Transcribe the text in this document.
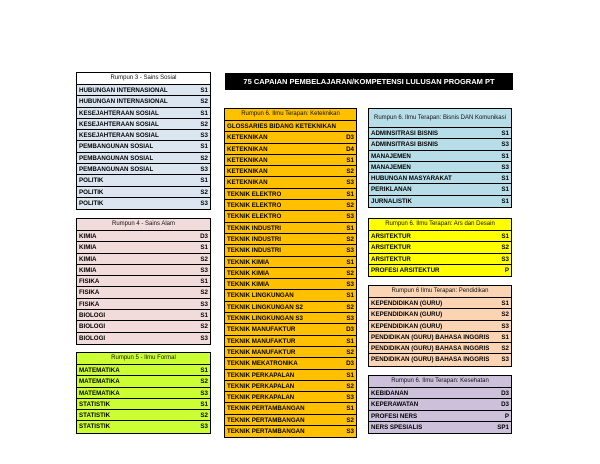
75 CAPAIAN PEMBELAJARAN/KOMPETENSI LULUSAN PROGRAM PT
Rumpun 3 - Sains Sosial
HUBUNGAN INTERNASIONAL	S1
HUBUNGAN INTERNASIONAL	S2
KESEJAHTERAAN SOSIAL	S1
KESEJAHTERAAN SOSIAL	S2
KESEJAHTERAAN SOSIAL	S3
PEMBANGUNAN SOSIAL	S1
PEMBANGUNAN SOSIAL	S2
PEMBANGUNAN SOSIAL	S3
POLITIK	S1
POLITIK	S2
POLITIK	S3
Rumpun 4 - Sains Alam
KIMIA	D3
KIMIA	S1
KIMIA	S2
KIMIA	S3
FISIKA	S1
FISIKA	S2
FISIKA	S3
BIOLOGI	S1
BIOLOGI	S2
BIOLOGI	S3
Rumpun 5 - Ilmu Formal
MATEMATIKA	S1
MATEMATIKA	S2
MATEMATIKA	S3
STATISTIK	S1
STATISTIK	S2
STATISTIK	S3
Rumpun 6. Ilmu Terapan: Keteknikan
GLOSSARIES BIDANG KETEKNIKAN
KETEKNIKAN	D3
KETEKNIKAN	D4
KETEKNIKAN	S1
KETEKNIKAN	S2
KETEKNIKAN	S3
TEKNIK ELEKTRO	S1
TEKNIK ELEKTRO	S2
TEKNIK ELEKTRO	S3
TEKNIK INDUSTRI	S1
TEKNIK INDUSTRI	S2
TEKNIK INDUSTRI	S3
TEKNIK KIMIA	S1
TEKNIK KIMIA	S2
TEKNIK KIMIA	S3
TEKNIK LINGKUNGAN	S1
TEKNIK LINGKUNGAN S2	S2
TEKNIK LINGKUNGAN S3	S3
TEKNIK MANUFAKTUR	D3
TEKNIK MANUFAKTUR	S1
TEKNIK MANUFAKTUR	S2
TEKNIK MEKATRONIKA	D3
TEKNIK PERKAPALAN	S1
TEKNIK PERKAPALAN	S2
TEKNIK PERKAPALAN	S3
TEKNIK PERTAMBANGAN	S1
TEKNIK PERTAMBANGAN	S2
TEKNIK PERTAMBANGAN	S3
Rumpun 6. Ilmu Terapan: Bisnis DAN Komunikasi
ADMINSITRASI BISNIS	S1
ADMINSITRASI BISNIS	S3
MANAJEMEN	S1
MANAJEMEN	S3
HUBUNGAN MASYARAKAT	S1
PERIKLANAN	S1
JURNALISTIK	S1
Rumpun 6. Ilmu Terapan: Ars dan Desain
ARSITEKTUR	S1
ARSITEKTUR	S2
ARSITEKTUR	S3
PROFESI ARSITEKTUR	P
Rumpun 6 Ilmu Terapan: Pendidikan
KEPENDIDIKAN (GURU)	S1
KEPENDIDIKAN (GURU)	S2
KEPENDIDIKAN (GURU)	S3
PENDIDIKAN (GURU) BAHASA INGGRIS	S1
PENDIDIKAN (GURU) BAHASA INGGRIS	S2
PENDIDIKAN (GURU) BAHASA INGGRIS	S3
Rumpun 6. Ilmu Terapan: Kesehatan
KEBIDANAN	D3
KEPERAWATAN	D3
PROFESI NERS	P
NERS SPESIALIS	SP1
